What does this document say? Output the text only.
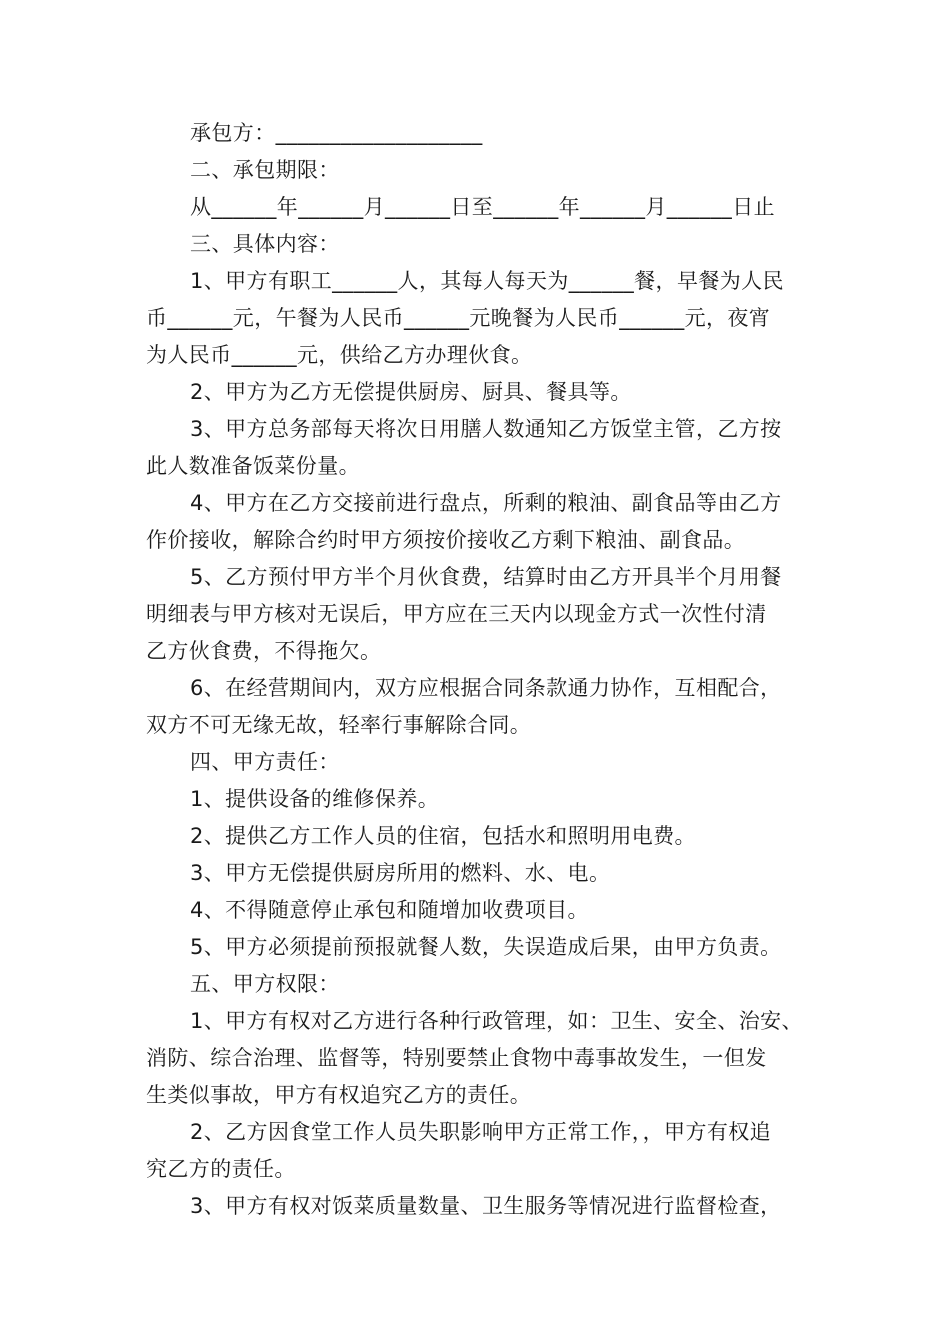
承包方：___________________
二、承包期限：
从______年______月______日至______年______月______日止
三、具体内容：
1、甲方有职工______人，其每人每天为______餐，早餐为人民
币______元，午餐为人民币______元晚餐为人民币______元，夜宵
为人民币______元，供给乙方办理伙食。
2、甲方为乙方无偿提供厨房、厨具、餐具等。
3、甲方总务部每天将次日用膳人数通知乙方饭堂主管，乙方按
此人数准备饭菜份量。
4、甲方在乙方交接前进行盘点，所剩的粮油、副食品等由乙方
作价接收，解除合约时甲方须按价接收乙方剩下粮油、副食品。
5、乙方预付甲方半个月伙食费，结算时由乙方开具半个月用餐
明细表与甲方核对无误后，甲方应在三天内以现金方式一次性付清
乙方伙食费，不得拖欠。
6、在经营期间内，双方应根据合同条款通力协作，互相配合，
双方不可无缘无故，轻率行事解除合同。
四、甲方责任：
1、提供设备的维修保养。
2、提供乙方工作人员的住宿，包括水和照明用电费。
3、甲方无偿提供厨房所用的燃料、水、电。
4、不得随意停止承包和随增加收费项目。
5、甲方必须提前预报就餐人数，失误造成后果，由甲方负责。
五、甲方权限：
1、甲方有权对乙方进行各种行政管理，如：卫生、安全、治安、
消防、综合治理、监督等，特别要禁止食物中毒事故发生，一但发
生类似事故，甲方有权追究乙方的责任。
2、乙方因食堂工作人员失职影响甲方正常工作，，甲方有权追
究乙方的责任。
3、甲方有权对饭菜质量数量、卫生服务等情况进行监督检查，
